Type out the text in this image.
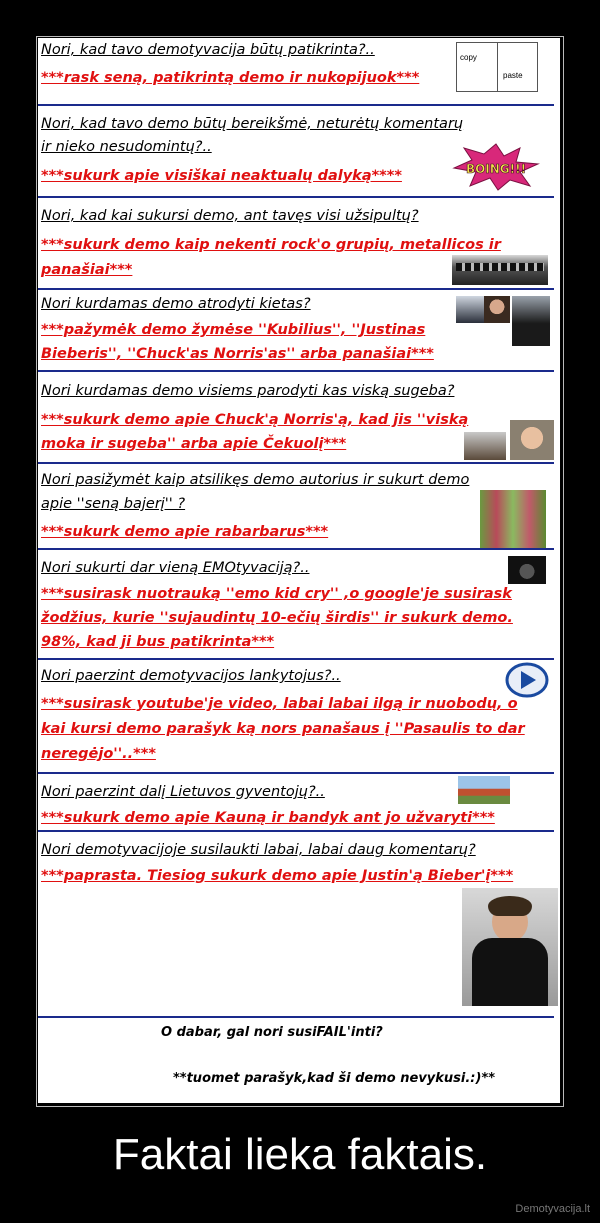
Nori, kad tavo demotyvacija būtų patikrinta?..
***rask seną, patikrintą demo ir nukopijuok***
copy
paste
Nori, kad tavo demo būtų bereikšmė, neturėtų komentarų
ir nieko nesudomintų?..
***sukurk apie visiškai neaktualų dalyką****	BOING!!!
Nori, kad kai sukursi demo, ant tavęs visi užsipultų?
***sukurk demo kaip nekenti rock'o grupių, metallicos ir
panašiai***
Nori kurdamas demo atrodyti kietas?
***pažymėk demo žymėse ''Kubilius'', ''Justinas
Bieberis'', ''Chuck'as Norris'as'' arba panašiai***
Nori kurdamas demo visiems parodyti kas viską sugeba?
***sukurk demo apie Chuck'ą Norris'ą, kad jis ''viską
moka ir sugeba'' arba apie Čekuolį***
Nori pasižymėt kaip atsilikęs demo autorius ir sukurt demo
apie ''seną bajerį'' ?
***sukurk demo apie rabarbarus***
Nori sukurti dar vieną EMOtyvaciją?..
***susirask nuotrauką ''emo kid cry'' ,o google'je susirask
žodžius, kurie ''sujaudintų 10-ečių širdis'' ir sukurk demo.
98%, kad ji bus patikrinta***
Nori paerzint demotyvacijos lankytojus?..
***susirask youtube'je video, labai labai ilgą ir nuobodų, o
kai kursi demo parašyk ką nors panašaus į ''Pasaulis to dar
neregėjo''..***
Nori paerzint dalį Lietuvos gyventojų?..
***sukurk demo apie Kauną ir bandyk ant jo užvaryti***
Nori demotyvacijoje susilaukti labai, labai daug komentarų?
***paprasta. Tiesiog sukurk demo apie Justin'ą Bieber'į***
O dabar, gal nori susiFAIL'inti?
**tuomet parašyk,kad ši demo nevykusi.:)**
Faktai lieka faktais.
Demotyvacija.lt
